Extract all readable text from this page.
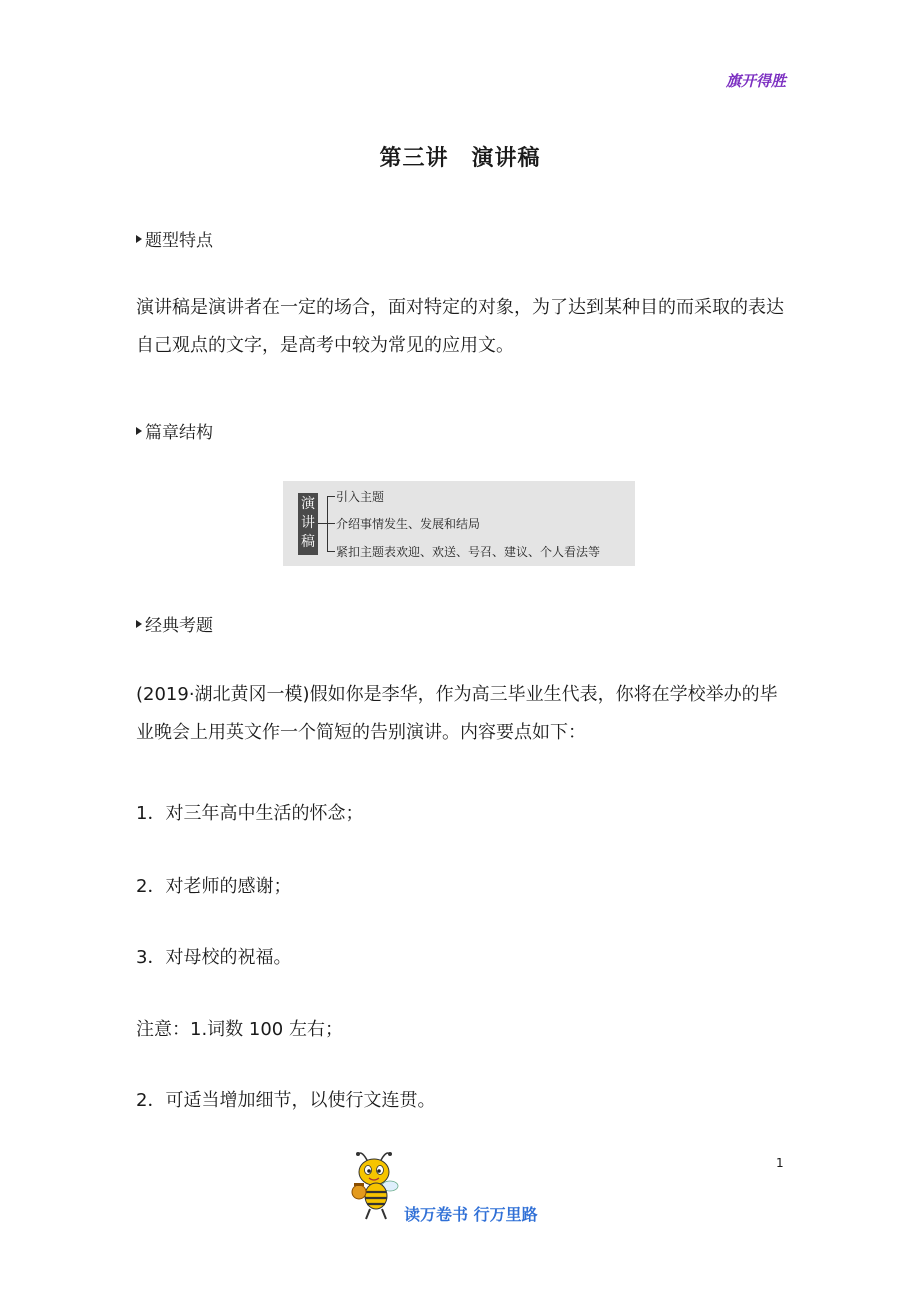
旗开得胜
第三讲　演讲稿
题型特点
演讲稿是演讲者在一定的场合，面对特定的对象，为了达到某种目的而采取的表达自己观点的文字，是高考中较为常见的应用文。
篇章结构
演讲稿
引入主题
介绍事情发生、发展和结局
紧扣主题表欢迎、欢送、号召、建议、个人看法等
经典考题
(2019·湖北黄冈一模)假如你是李华，作为高三毕业生代表，你将在学校举办的毕业晚会上用英文作一个简短的告别演讲。内容要点如下：
1．对三年高中生活的怀念；
2．对老师的感谢；
3．对母校的祝福。
注意：1.词数 100 左右；
2．可适当增加细节，以使行文连贯。
1
读万卷书 行万里路
